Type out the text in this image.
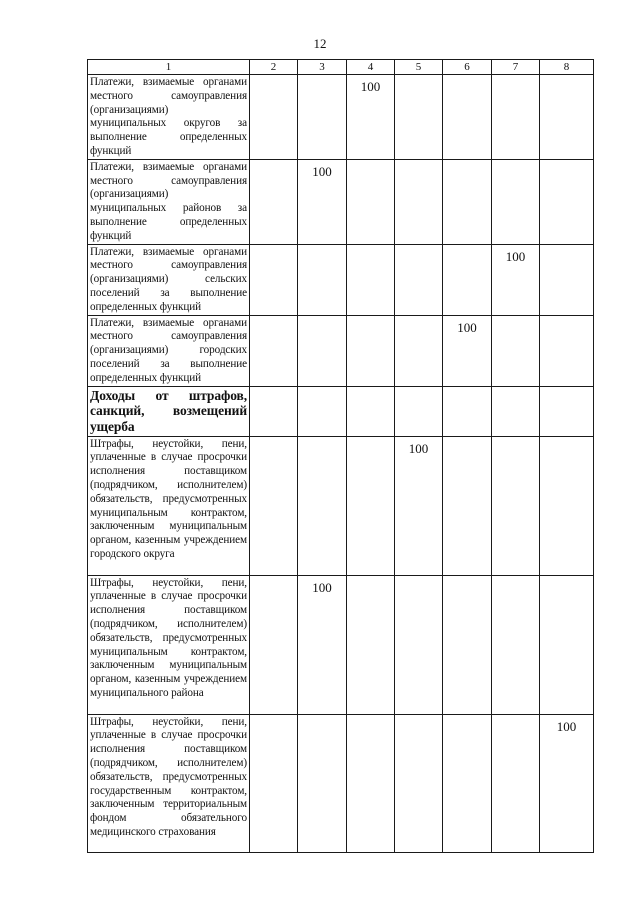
12
1	2	3	4	5	6	7	8
Платежи, взимаемые органами местного самоуправления (организациями) муниципальных округов за выполнение определенных функций			100				
Платежи, взимаемые органами местного самоуправления (организациями) муниципальных районов за выполнение определенных функций		100					
Платежи, взимаемые органами местного самоуправления (организациями) сельских поселений за выполнение определенных функций						100	
Платежи, взимаемые органами местного самоуправления (организациями) городских поселений за выполнение определенных функций					100		
Доходы от штрафов, санкций, возмещений ущерба							
Штрафы, неустойки, пени, уплаченные в случае просрочки исполнения поставщиком (подрядчиком, исполнителем) обязательств, предусмотренных муниципальным контрактом, заключенным муниципальным органом, казенным учреждением городского округа				100			
Штрафы, неустойки, пени, уплаченные в случае просрочки исполнения поставщиком (подрядчиком, исполнителем) обязательств, предусмотренных муниципальным контрактом, заключенным муниципальным органом, казенным учреждением муниципального района		100					
Штрафы, неустойки, пени, уплаченные в случае просрочки исполнения поставщиком (подрядчиком, исполнителем) обязательств, предусмотренных государственным контрактом, заключенным территориальным фондом обязательного медицинского страхования							100
